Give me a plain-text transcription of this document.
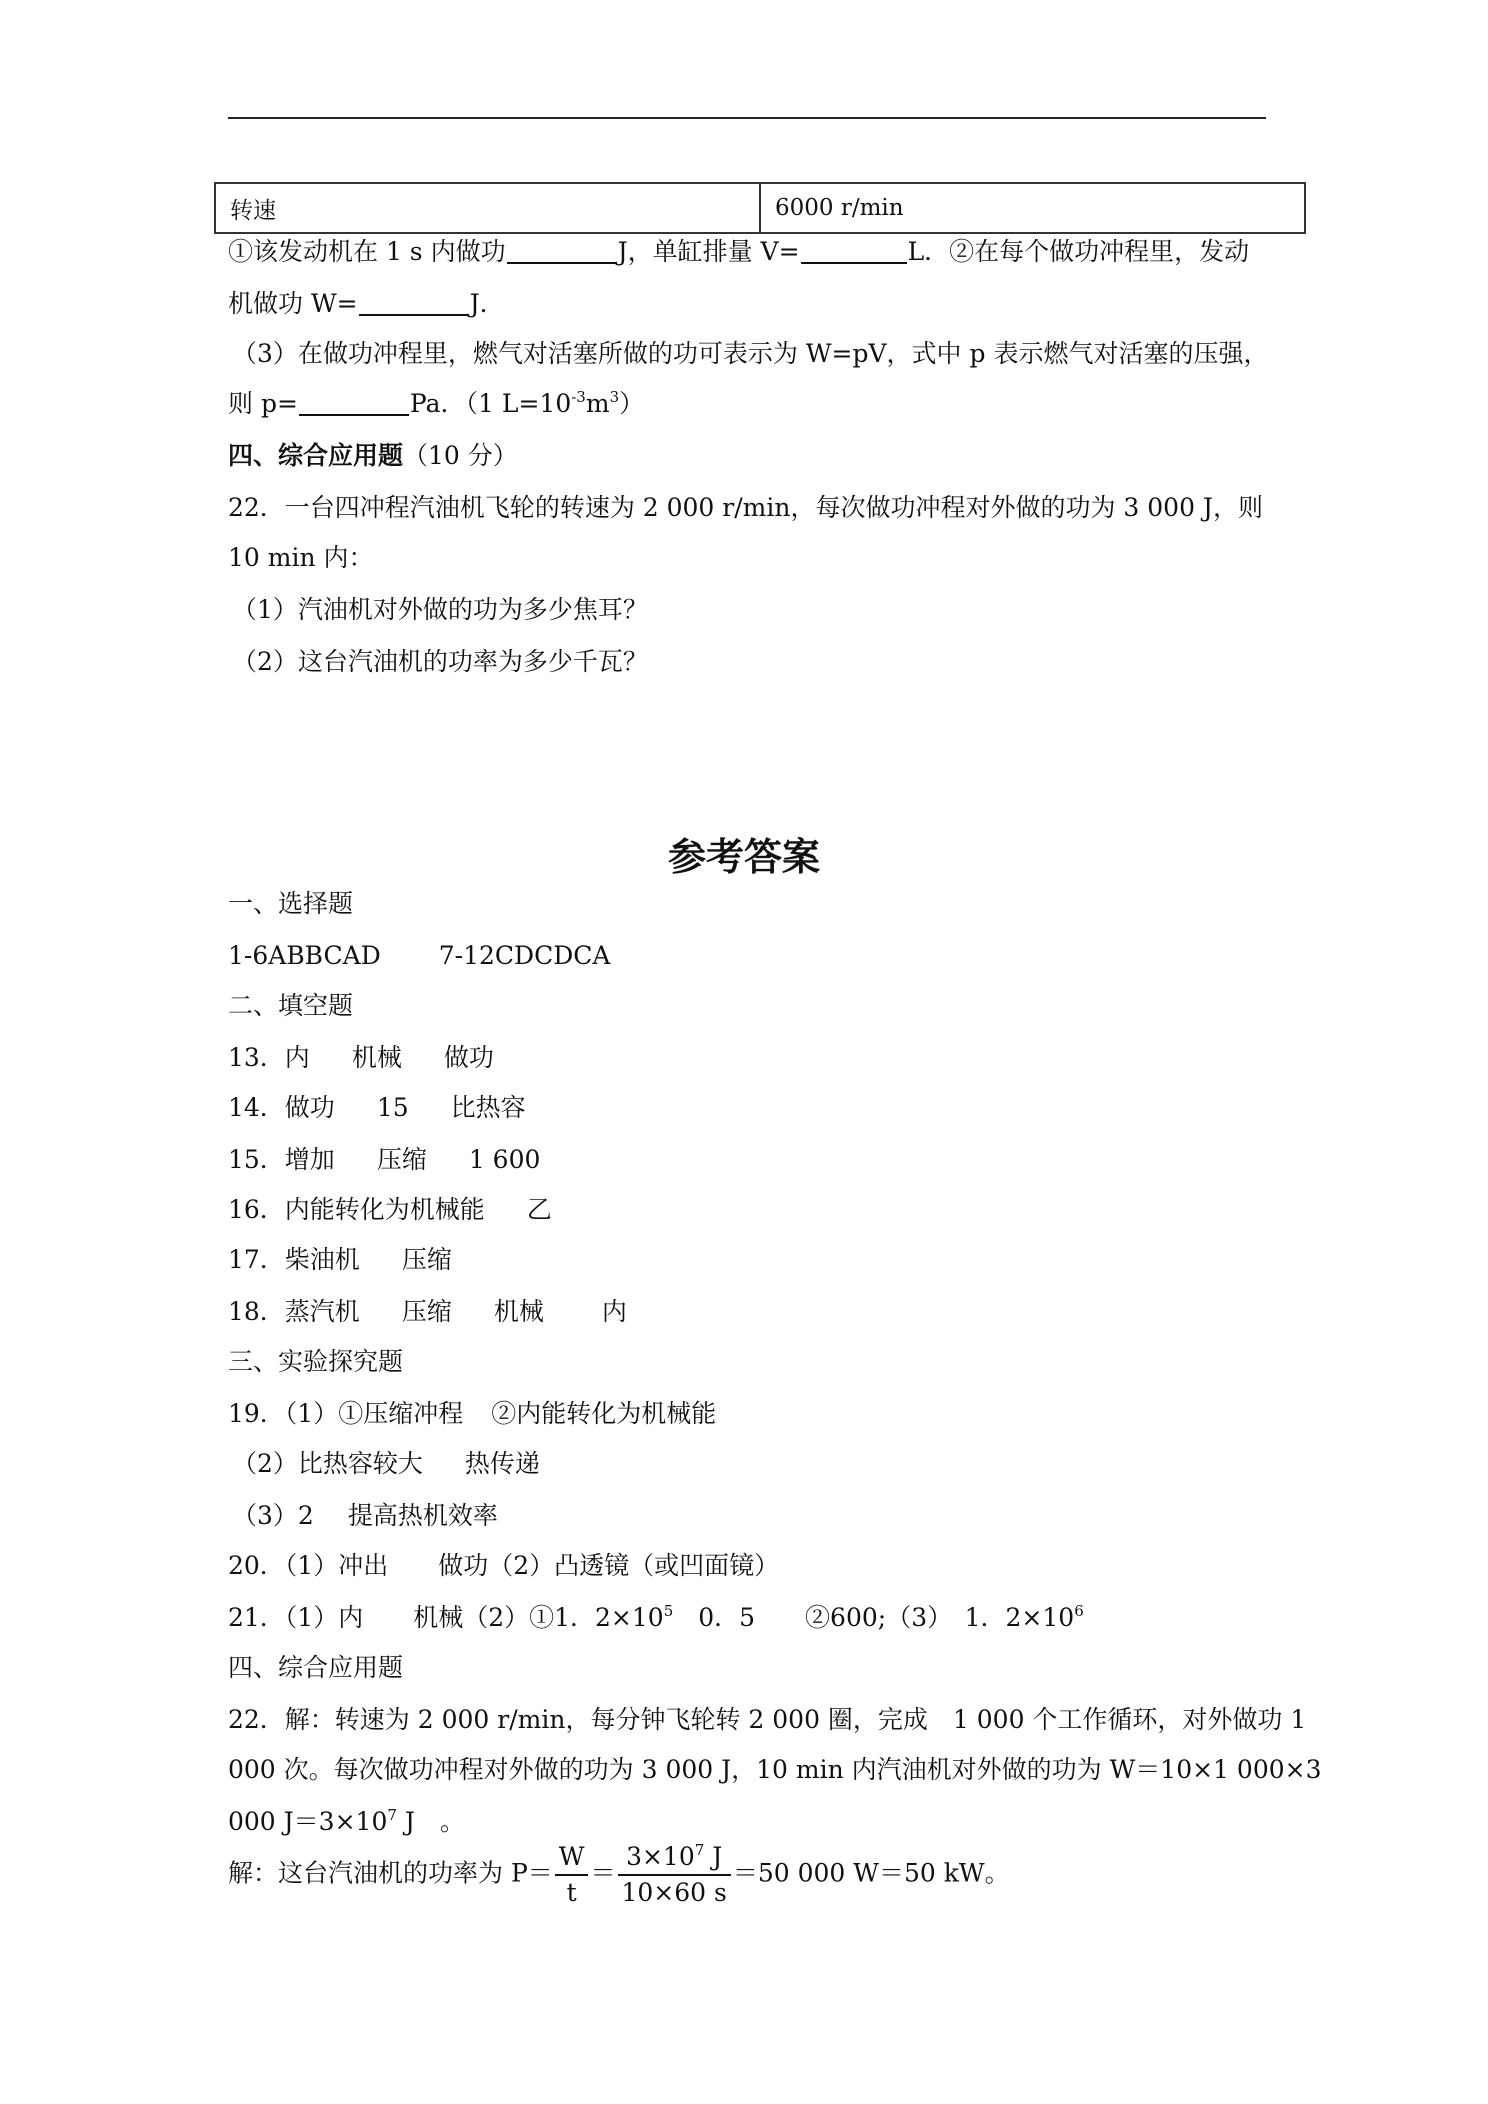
转速	6000 r/min
①该发动机在 1 s 内做功	J，单缸排量 V=	L．②在每个做功冲程里，发动
机做功 W=	J．
（3）在做功冲程里，燃气对活塞所做的功可表示为 W=pV，式中 p 表示燃气对活塞的压强，
则 p=	Pa．（1 $L=10^{-3}m^3$）
四、综合应用题（10 分）
22．一台四冲程汽油机飞轮的转速为 2 000 r/min，每次做功冲程对外做的功为 3 000 J，则
10 min 内：
（1）汽油机对外做的功为多少焦耳？
（2）这台汽油机的功率为多少千瓦？
参考答案
一、选择题
1-6ABBCAD 7-12CDCDCA
二、填空题
13．内 机械 做功
14．做功 15 比热容
15．增加 压缩 1 600
16．内能转化为机械能 乙
17．柴油机 压缩
18．蒸汽机 压缩 机械 内
三、实验探究题
19．（1）①压缩冲程 ②内能转化为机械能
（2）比热容较大 热传递
（3）2 提高热机效率
20．（1）冲出　　做功（2）凸透镜（或凹面镜）
21．（1）内　　机械（2）①1．$2\times 10^5$　0．5　　②600;（3）　1．$2\times 10^6$
四、综合应用题
22．解：转速为 2 000 r/min，每分钟飞轮转 2 000 圈，完成　1 000 个工作循环，对外做功 1
000 次。每次做功冲程对外做的功为 3 000 J，10 min 内汽油机对外做的功为 W＝10×1 000×3
000 $J=3\times 10^7$ J　。
解：这台汽油机的功率为 $P= \frac{W}{t} = \frac{3\times 10^7 J}{10\times 60 s} =50$ 000 W＝50 kW。
